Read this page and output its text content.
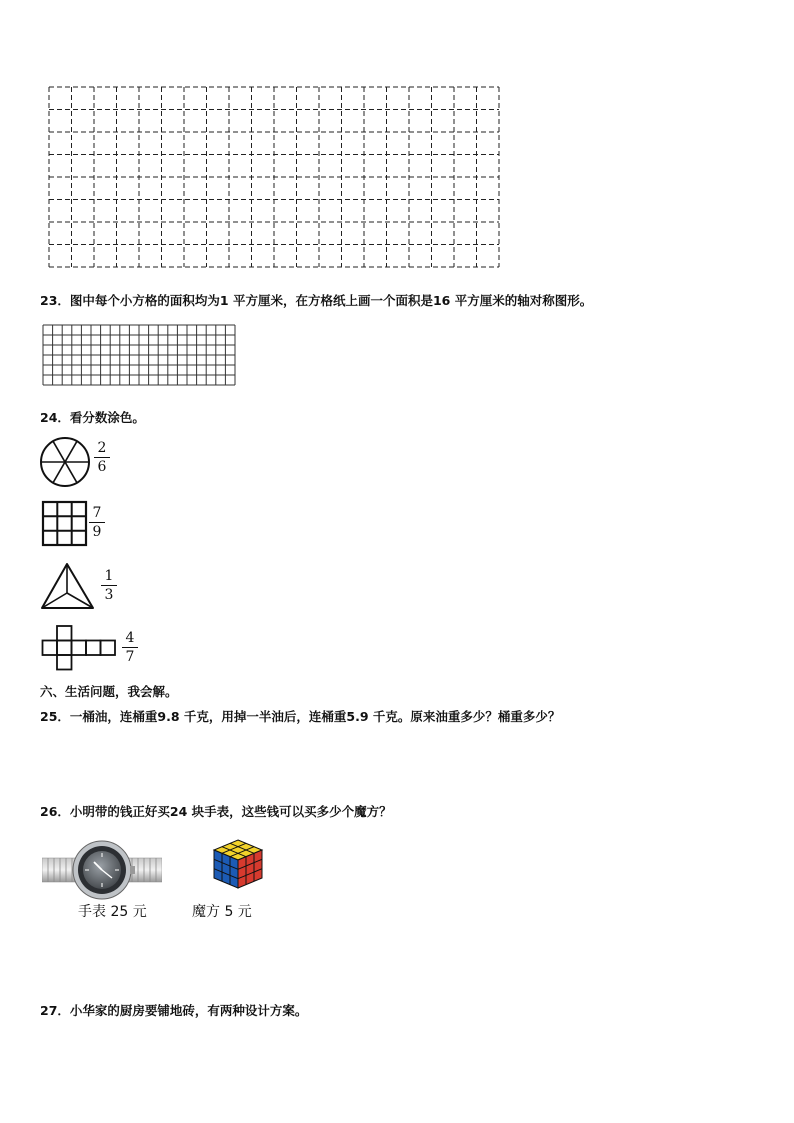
23．图中每个小方格的面积均为1 平方厘米，在方格纸上画一个面积是16 平方厘米的轴对称图形。
24．看分数涂色。
2
6
7
9
1
3
4
7
六、生活问题，我会解。
25．一桶油，连桶重9.8 千克，用掉一半油后，连桶重5.9 千克。原来油重多少？桶重多少？
26．小明带的钱正好买24 块手表，这些钱可以买多少个魔方？
手表 25 元	魔方 5 元
27．小华家的厨房要铺地砖，有两种设计方案。
